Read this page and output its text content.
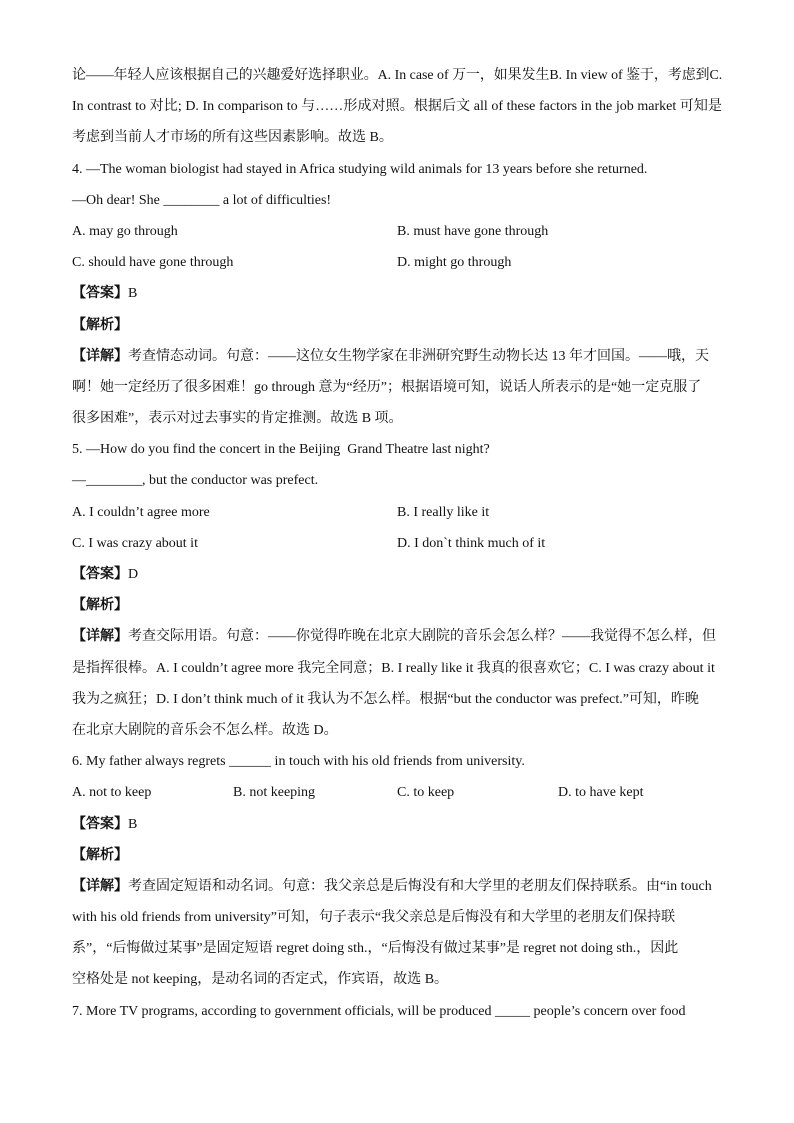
论——年轻人应该根据自己的兴趣爱好选择职业。A. In case of 万一，如果发生B. In view of 鉴于，考虑到C.
In contrast to 对比; D. In comparison to 与……形成对照。根据后文 all of these factors in the job market 可知是
考虑到当前人才市场的所有这些因素影响。故选 B。
4. —The woman biologist had stayed in Africa studying wild animals for 13 years before she returned.
—Oh dear! She ________ a lot of difficulties!

A. may go through

	B. must have gone through

C. should have gone through

	D. might go through

【答案】B
【解析】
【详解】考查情态动词。句意：——这位女生物学家在非洲研究野生动物长达 13 年才回国。——哦，天
啊！她一定经历了很多困难！go through 意为“经历”；根据语境可知，说话人所表示的是“她一定克服了
很多困难”，表示对过去事实的肯定推测。故选 B 项。
5. —How do you find the concert in the Beijing  Grand Theatre last night?
—________, but the conductor was prefect.

A. I couldn’t agree more

	B. I really like it

C. I was crazy about it

	D. I don`t think much of it

【答案】D
【解析】
【详解】考查交际用语。句意：——你觉得昨晚在北京大剧院的音乐会怎么样？——我觉得不怎么样，但
是指挥很棒。A. I couldn’t agree more 我完全同意；B. I really like it 我真的很喜欢它；C. I was crazy about it
我为之疯狂；D. I don’t think much of it 我认为不怎么样。根据“but the conductor was prefect.”可知，昨晚
在北京大剧院的音乐会不怎么样。故选 D。
6. My father always regrets ______ in touch with his old friends from university.

A. not to keep

	B. not keeping

	C. to keep

	D. to have kept

【答案】B
【解析】
【详解】考查固定短语和动名词。句意：我父亲总是后悔没有和大学里的老朋友们保持联系。由“in touch
with his old friends from university”可知，句子表示“我父亲总是后悔没有和大学里的老朋友们保持联
系”，“后悔做过某事”是固定短语 regret doing sth.，“后悔没有做过某事”是 regret not doing sth.，因此
空格处是 not keeping，是动名词的否定式，作宾语，故选 B。
7. More TV programs, according to government officials, will be produced _____ people’s concern over food
